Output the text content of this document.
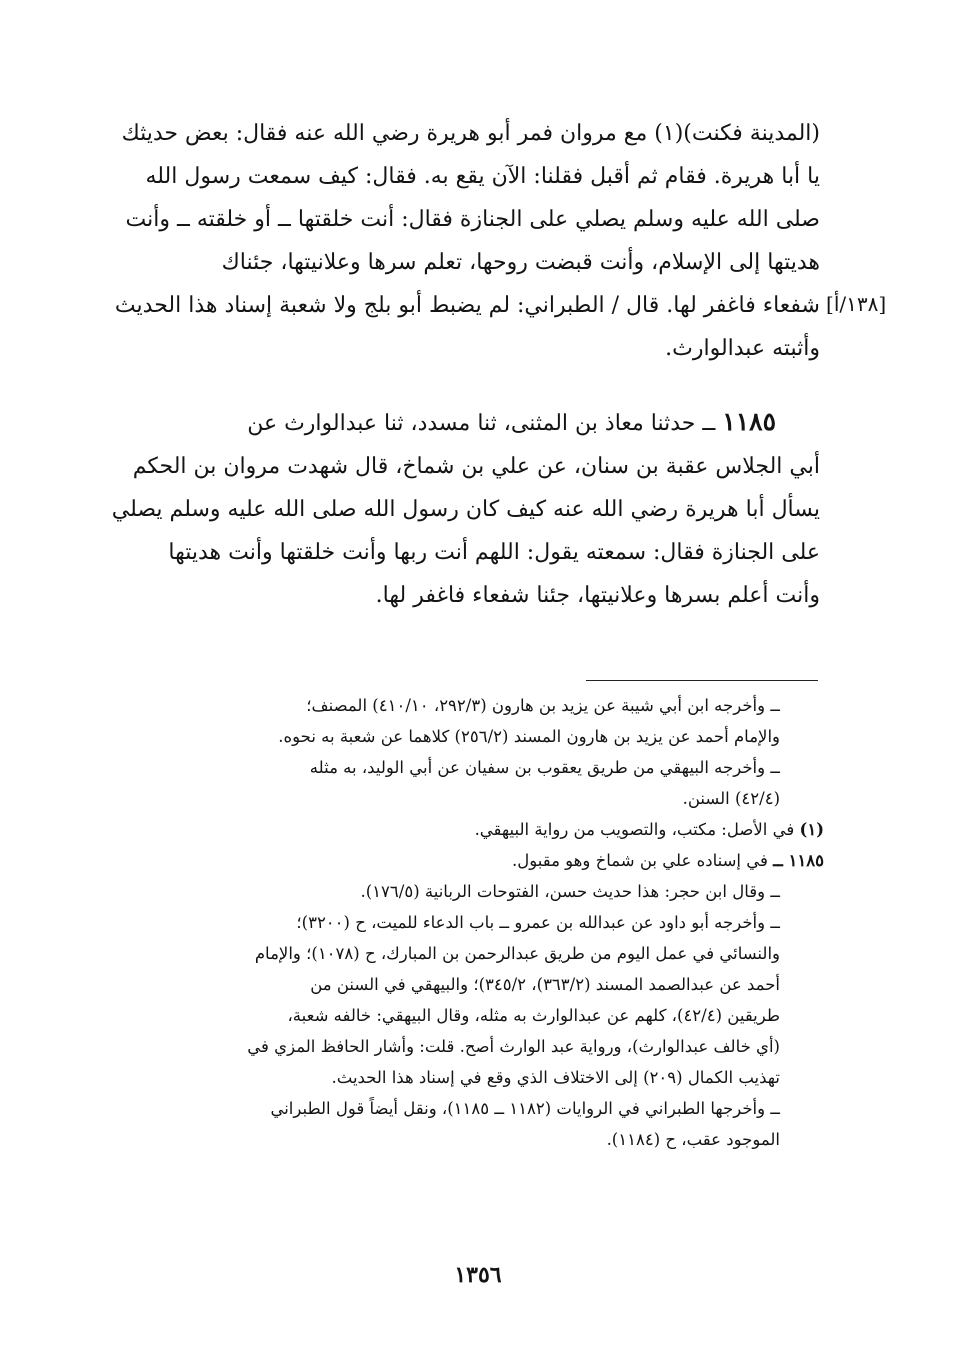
(المدينة فكنت)(١) مع مروان فمر أبو هريرة رضي الله عنه فقال: بعض حديثك
يا أبا هريرة. فقام ثم أقبل فقلنا: الآن يقع به. فقال: كيف سمعت رسول الله
صلى الله عليه وسلم يصلي على الجنازة فقال: أنت خلقتها ــ أو خلقته ــ وأنت
هديتها إلى الإسلام، وأنت قبضت روحها، تعلم سرها وعلانيتها، جئناك
شفعاء فاغفر لها. قال / الطبراني: لم يضبط أبو بلج ولا شعبة إسناد هذا الحديث
وأثبته عبدالوارث.
[١٣٨/أ]
١١٨٥ ــ حدثنا معاذ بن المثنى، ثنا مسدد، ثنا عبدالوارث عن
أبي الجلاس عقبة بن سنان، عن علي بن شماخ، قال شهدت مروان بن الحكم
يسأل أبا هريرة رضي الله عنه كيف كان رسول الله صلى الله عليه وسلم يصلي
على الجنازة فقال: سمعته يقول: اللهم أنت ربها وأنت خلقتها وأنت هديتها
وأنت أعلم بسرها وعلانيتها، جئنا شفعاء فاغفر لها.
ــ وأخرجه ابن أبي شيبة عن يزيد بن هارون (٢٩٢/٣، ٤١٠/١٠) المصنف؛
والإمام أحمد عن يزيد بن هارون المسند (٢٥٦/٢) كلاهما عن شعبة به نحوه.
ــ وأخرجه البيهقي من طريق يعقوب بن سفيان عن أبي الوليد، به مثله
(٤٢/٤) السنن.
(١) في الأصل: مكتب، والتصويب من رواية البيهقي.
١١٨٥ ــ في إسناده علي بن شماخ وهو مقبول.
ــ وقال ابن حجر: هذا حديث حسن، الفتوحات الربانية (١٧٦/٥).
ــ وأخرجه أبو داود عن عبدالله بن عمرو ــ باب الدعاء للميت، ح (٣٢٠٠)؛
والنسائي في عمل اليوم من طريق عبدالرحمن بن المبارك، ح (١٠٧٨)؛ والإمام
أحمد عن عبدالصمد المسند (٣٦٣/٢)، ٣٤٥/٢)؛ والبيهقي في السنن من
طريقين (٤٢/٤)، كلهم عن عبدالوارث به مثله، وقال البيهقي: خالفه شعبة،
(أي خالف عبدالوارث)، ورواية عبد الوارث أصح. قلت: وأشار الحافظ المزي في
تهذيب الكمال (٢٠٩) إلى الاختلاف الذي وقع في إسناد هذا الحديث.
ــ وأخرجها الطبراني في الروايات (١١٨٢ ــ ١١٨٥)، ونقل أيضاً قول الطبراني
الموجود عقب، ح (١١٨٤).
١٣٥٦
